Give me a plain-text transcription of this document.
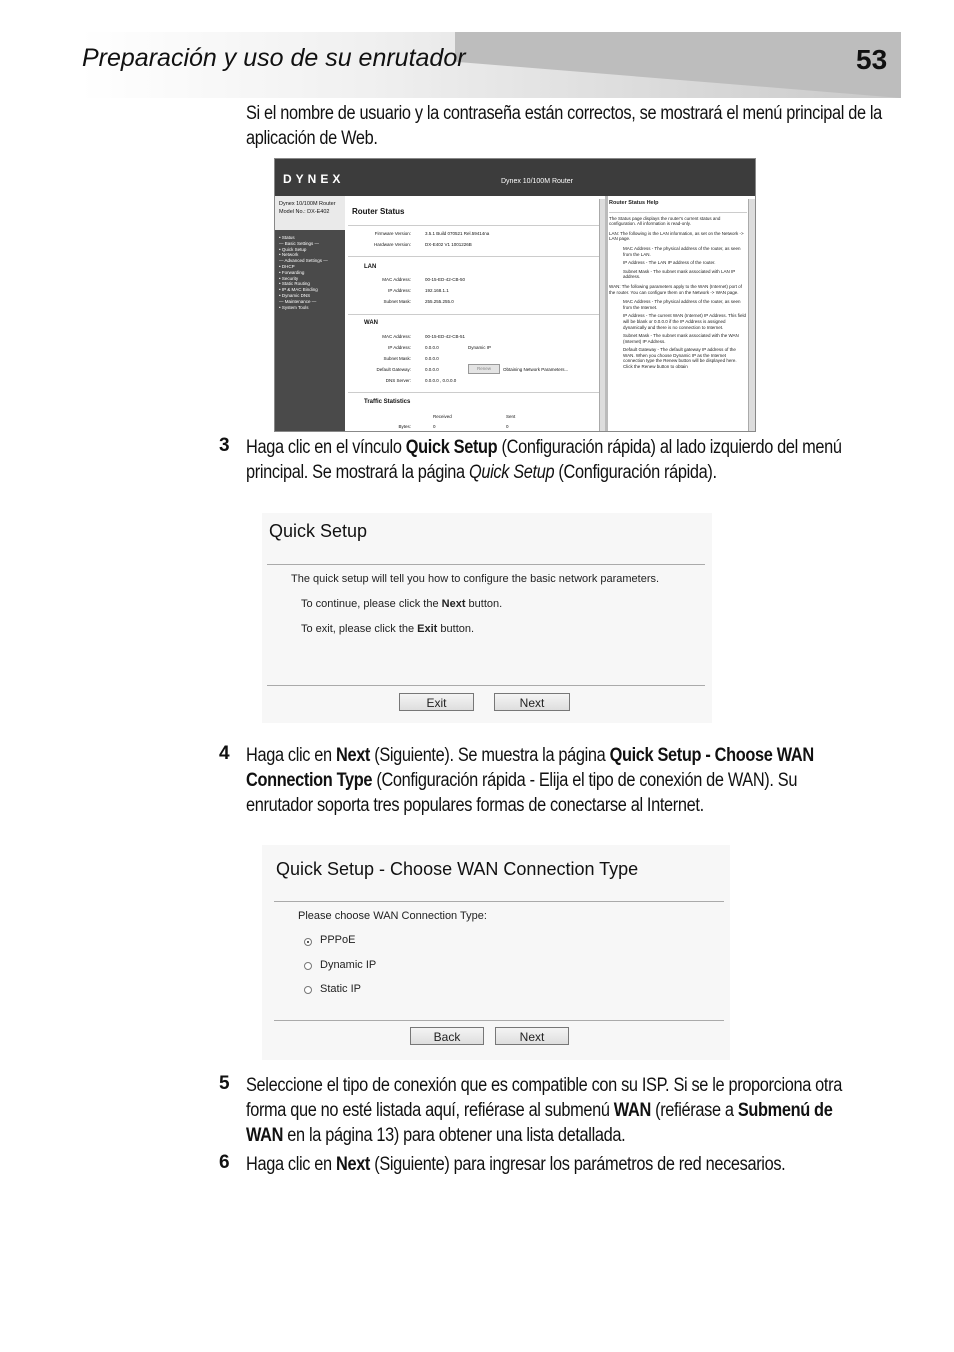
Preparación y uso de su enrutador	53
Si el nombre de usuario y la contraseña están correctos, se mostrará el menú principal de la aplicación de Web.
DYNEX	Dynex 10/100M Router
Dynex 10/100M Router
Model No.: DX-E402
• Status
— Basic Settings —
• Quick Setup
• Network
— Advanced Settings —
• DHCP
• Forwarding
• Security
• Static Routing
• IP & MAC Binding
• Dynamic DNS
— Maintenance —
• System Tools
Router Status
Firmware Version:	3.5.1 Build 070521 Rel.59414na
Hardware Version:	DX-E402 V1 1001226B
LAN
MAC Address:	00-15-ED-42-CB-50
IP Address:	192.168.1.1
Subnet Mask:	255.255.255.0
WAN
MAC Address:	00-15-ED-42-CB-51
IP Address:	0.0.0.0	Dynamic IP
Subnet Mask:	0.0.0.0
Default Gateway:	0.0.0.0	Renew	Obtaining Network Parameters...
DNS Server:	0.0.0.0 , 0.0.0.0
Traffic Statistics
Received	Sent
Bytes:	0	0
Router Status Help
The Status page displays the router's current status and configuration. All information is read-only.
LAN: The following is the LAN information, as set on the Network -> LAN page.
MAC Address - The physical address of the router, as seen from the LAN.
IP Address - The LAN IP address of the router.
Subnet Mask - The subnet mask associated with LAN IP address.
WAN: The following parameters apply to the WAN (Internet) port of the router. You can configure them on the Network -> WAN page.
MAC Address - The physical address of the router, as seen from the Internet.
IP Address - The current WAN (Internet) IP Address. This field will be blank or 0.0.0.0 if the IP Address is assigned dynamically and there is no connection to Internet.
Subnet Mask - The subnet mask associated with the WAN (Internet) IP Address.
Default Gateway - The default gateway IP address of the WAN. When you choose Dynamic IP as the Internet connection type the Renew button will be displayed here. Click the Renew button to obtain
3 Haga clic en el vínculo Quick Setup (Configuración rápida) al lado izquierdo del menú
principal. Se mostrará la página Quick Setup (Configuración rápida).
Quick Setup
The quick setup will tell you how to configure the basic network parameters.
To continue, please click the Next button.
To exit, please click the Exit button.
Exit	Next
4 Haga clic en Next (Siguiente). Se muestra la página Quick Setup - Choose WAN
Connection Type (Configuración rápida - Elija el tipo de conexión de WAN). Su
enrutador soporta tres populares formas de conectarse al Internet.
Quick Setup - Choose WAN Connection Type
Please choose WAN Connection Type:
PPPoE
Dynamic IP
Static IP
Back	Next
5 Seleccione el tipo de conexión que es compatible con su ISP. Si se le proporciona otra
forma que no esté listada aquí, refiérase al submenú WAN (refiérase a Submenú de
WAN en la página 13) para obtener una lista detallada.
6 Haga clic en Next (Siguiente) para ingresar los parámetros de red necesarios.
